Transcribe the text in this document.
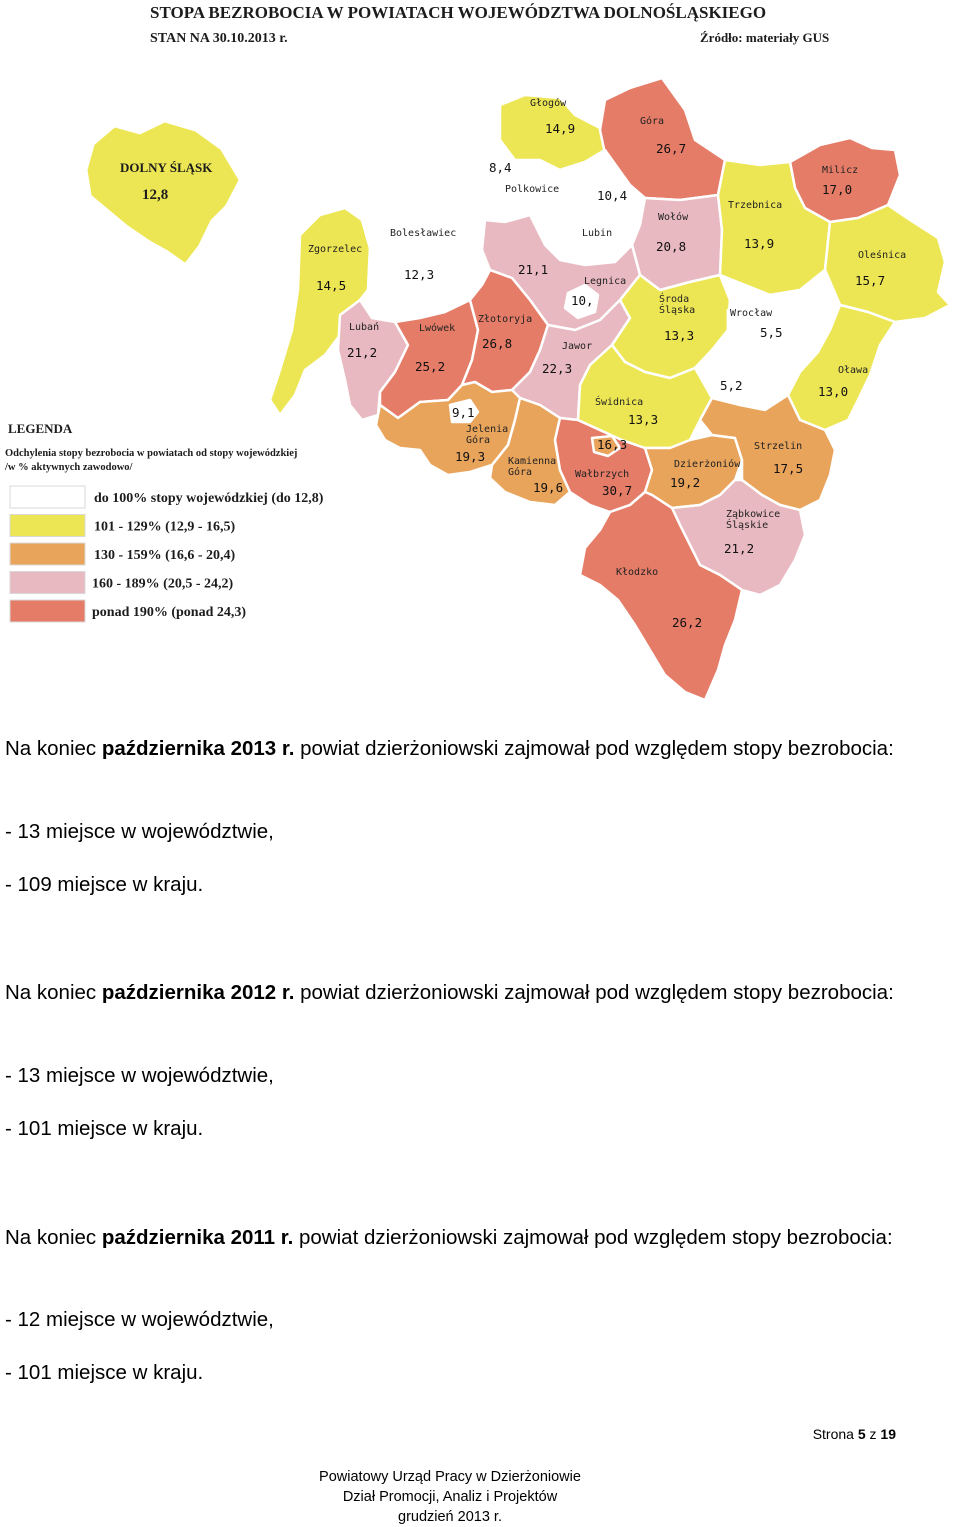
STOPA BEZROBOCIA W POWIATACH WOJEWÓDZTWA DOLNOŚLĄSKIEGO
STAN NA 30.10.2013 r.	Źródło: materiały GUS
DOLNY ŚLĄSK
12,8
Głogów
14,9	Góra
26,7
Milicz
17,0
Polkowice
8,4
10,4
Lubin
Wołów
20,8
Trzebnica
13,9
Oleśnica
15,7
Zgorzelec
14,5
Bolesławiec
12,3	21,1
Legnica
10,
Lubań
21,2
Lwówek
25,2
Złotoryja
26,8	Jawor
22,3
Środa
Śląska
13,3
Wrocław
5,5
5,2
Oława
13,0
Jelenia
Góra
19,3
9,1
Kamienna
Góra
19,6
Wałbrzych
30,7
16,3
Świdnica
13,3
Dzierżoniów
19,2
Strzelin
17,5
Ząbkowice
Śląskie
21,2
Kłodzko
26,2
LEGENDA
Odchylenia stopy bezrobocia w powiatach od stopy wojewódzkiej
/w % aktywnych zawodowo/
do 100% stopy wojewódzkiej (do 12,8)
101 - 129% (12,9 - 16,5)
130 - 159% (16,6 - 20,4)
160 - 189% (20,5 - 24,2)
ponad 190% (ponad 24,3)
Na koniec października 2013 r. powiat dzierżoniowski zajmował pod względem stopy bezrobocia:
- 13 miejsce w województwie,
- 109 miejsce w kraju.
Na koniec października 2012 r. powiat dzierżoniowski zajmował pod względem stopy bezrobocia:
- 13 miejsce w województwie,
- 101 miejsce w kraju.
Na koniec października 2011 r. powiat dzierżoniowski zajmował pod względem stopy bezrobocia:
- 12 miejsce w województwie,
- 101 miejsce w kraju.
Strona 5 z 19
Powiatowy Urząd Pracy w Dzierżoniowie
Dział Promocji, Analiz i Projektów
grudzień 2013 r.
